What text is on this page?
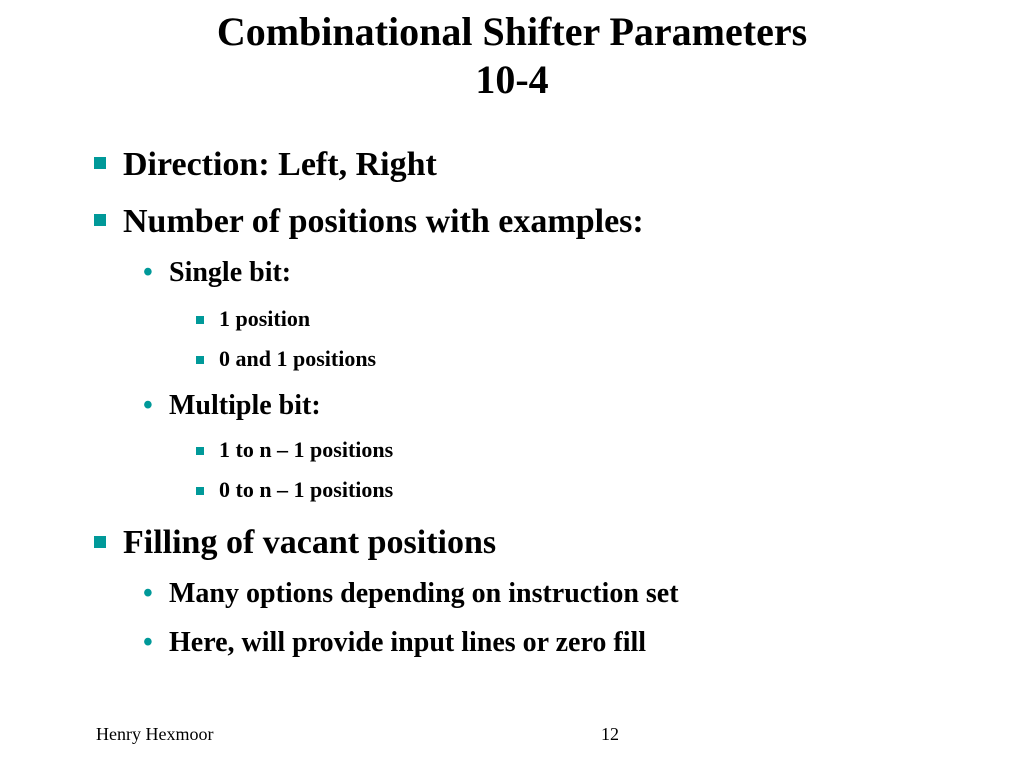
Combinational Shifter Parameters
10-4
Direction: Left, Right
Number of positions with examples:
• Single bit:
1 position
0 and 1 positions
• Multiple bit:
1 to n – 1 positions
0 to n – 1 positions
Filling of vacant positions
• Many options depending on instruction set
• Here, will provide input lines or zero fill
Henry Hexmoor	12
